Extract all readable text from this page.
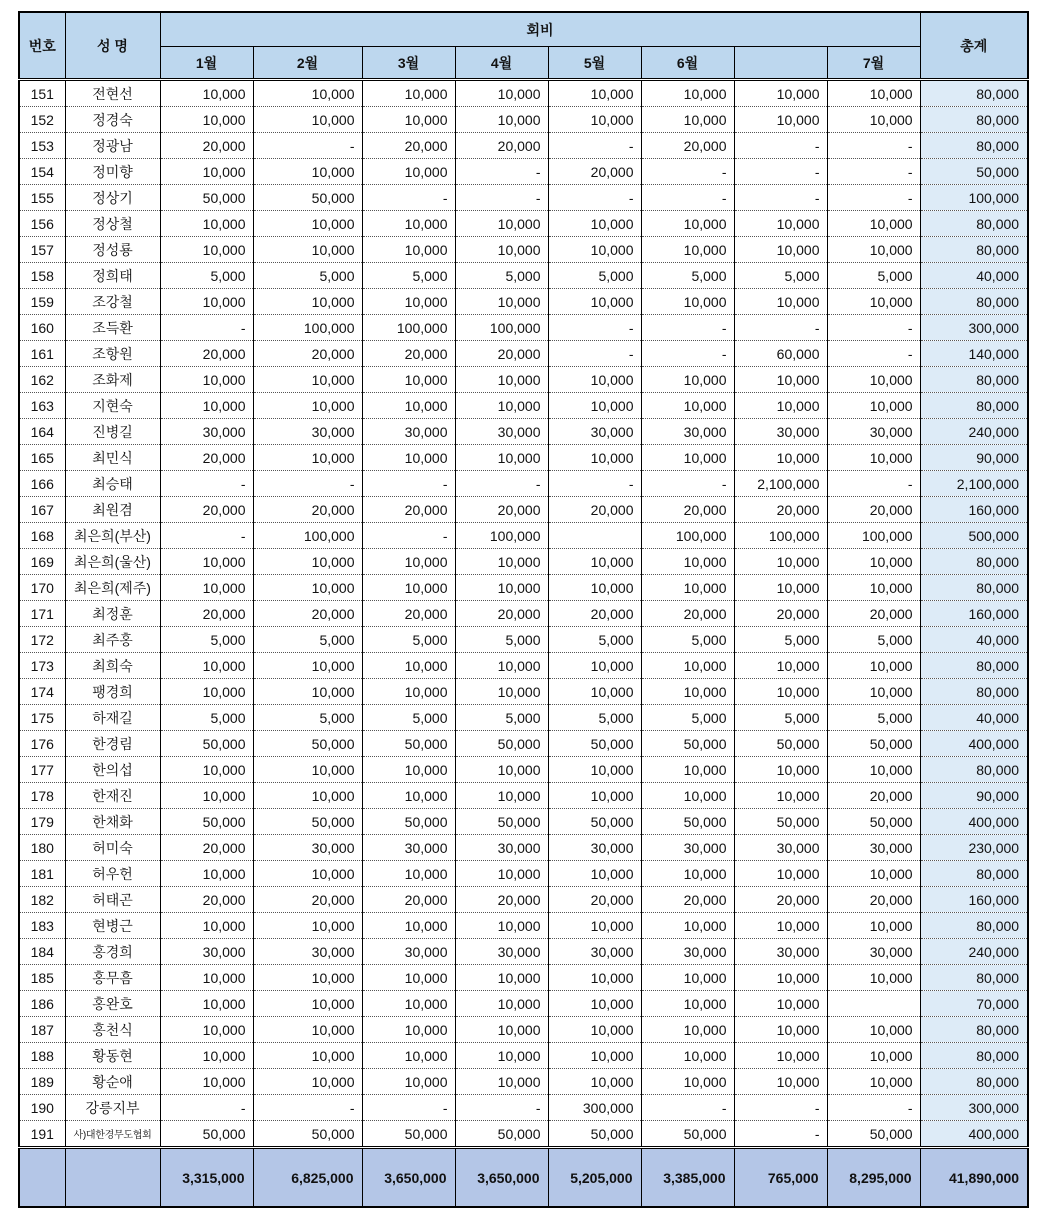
번호	성 명	회비								총계
		1월	2월	3월	4월	5월	6월		7월	
151	전현선	10,000	10,000	10,000	10,000	10,000	10,000	10,000	10,000	80,000
152	정경숙	10,000	10,000	10,000	10,000	10,000	10,000	10,000	10,000	80,000
153	정광남	20,000	-	20,000	20,000	-	20,000	-	-	80,000
154	정미향	10,000	10,000	10,000	-	20,000	-	-	-	50,000
155	정상기	50,000	50,000	-	-	-	-	-	-	100,000
156	정상철	10,000	10,000	10,000	10,000	10,000	10,000	10,000	10,000	80,000
157	정성룡	10,000	10,000	10,000	10,000	10,000	10,000	10,000	10,000	80,000
158	정희태	5,000	5,000	5,000	5,000	5,000	5,000	5,000	5,000	40,000
159	조강철	10,000	10,000	10,000	10,000	10,000	10,000	10,000	10,000	80,000
160	조득환	-	100,000	100,000	100,000	-	-	-	-	300,000
161	조항원	20,000	20,000	20,000	20,000	-	-	60,000	-	140,000
162	조화제	10,000	10,000	10,000	10,000	10,000	10,000	10,000	10,000	80,000
163	지현숙	10,000	10,000	10,000	10,000	10,000	10,000	10,000	10,000	80,000
164	진병길	30,000	30,000	30,000	30,000	30,000	30,000	30,000	30,000	240,000
165	최민식	20,000	10,000	10,000	10,000	10,000	10,000	10,000	10,000	90,000
166	최승태	-	-	-	-	-	-	2,100,000	-	2,100,000
167	최원겸	20,000	20,000	20,000	20,000	20,000	20,000	20,000	20,000	160,000
168	최은희(부산)	-	100,000	-	100,000		100,000	100,000	100,000	500,000
169	최은희(울산)	10,000	10,000	10,000	10,000	10,000	10,000	10,000	10,000	80,000
170	최은희(제주)	10,000	10,000	10,000	10,000	10,000	10,000	10,000	10,000	80,000
171	최정훈	20,000	20,000	20,000	20,000	20,000	20,000	20,000	20,000	160,000
172	최주홍	5,000	5,000	5,000	5,000	5,000	5,000	5,000	5,000	40,000
173	최희숙	10,000	10,000	10,000	10,000	10,000	10,000	10,000	10,000	80,000
174	팽경희	10,000	10,000	10,000	10,000	10,000	10,000	10,000	10,000	80,000
175	하재길	5,000	5,000	5,000	5,000	5,000	5,000	5,000	5,000	40,000
176	한경림	50,000	50,000	50,000	50,000	50,000	50,000	50,000	50,000	400,000
177	한의섭	10,000	10,000	10,000	10,000	10,000	10,000	10,000	10,000	80,000
178	한재진	10,000	10,000	10,000	10,000	10,000	10,000	10,000	20,000	90,000
179	한채화	50,000	50,000	50,000	50,000	50,000	50,000	50,000	50,000	400,000
180	허미숙	20,000	30,000	30,000	30,000	30,000	30,000	30,000	30,000	230,000
181	허우헌	10,000	10,000	10,000	10,000	10,000	10,000	10,000	10,000	80,000
182	허태곤	20,000	20,000	20,000	20,000	20,000	20,000	20,000	20,000	160,000
183	현병근	10,000	10,000	10,000	10,000	10,000	10,000	10,000	10,000	80,000
184	홍경희	30,000	30,000	30,000	30,000	30,000	30,000	30,000	30,000	240,000
185	홍무흠	10,000	10,000	10,000	10,000	10,000	10,000	10,000	10,000	80,000
186	홍완호	10,000	10,000	10,000	10,000	10,000	10,000	10,000		70,000
187	홍천식	10,000	10,000	10,000	10,000	10,000	10,000	10,000	10,000	80,000
188	황동현	10,000	10,000	10,000	10,000	10,000	10,000	10,000	10,000	80,000
189	황순애	10,000	10,000	10,000	10,000	10,000	10,000	10,000	10,000	80,000
190	강릉지부	-	-	-	-	300,000	-	-	-	300,000
191	사)대한경무도협회	50,000	50,000	50,000	50,000	50,000	50,000	-	50,000	400,000
		3,315,000	6,825,000	3,650,000	3,650,000	5,205,000	3,385,000	765,000	8,295,000	41,890,000
